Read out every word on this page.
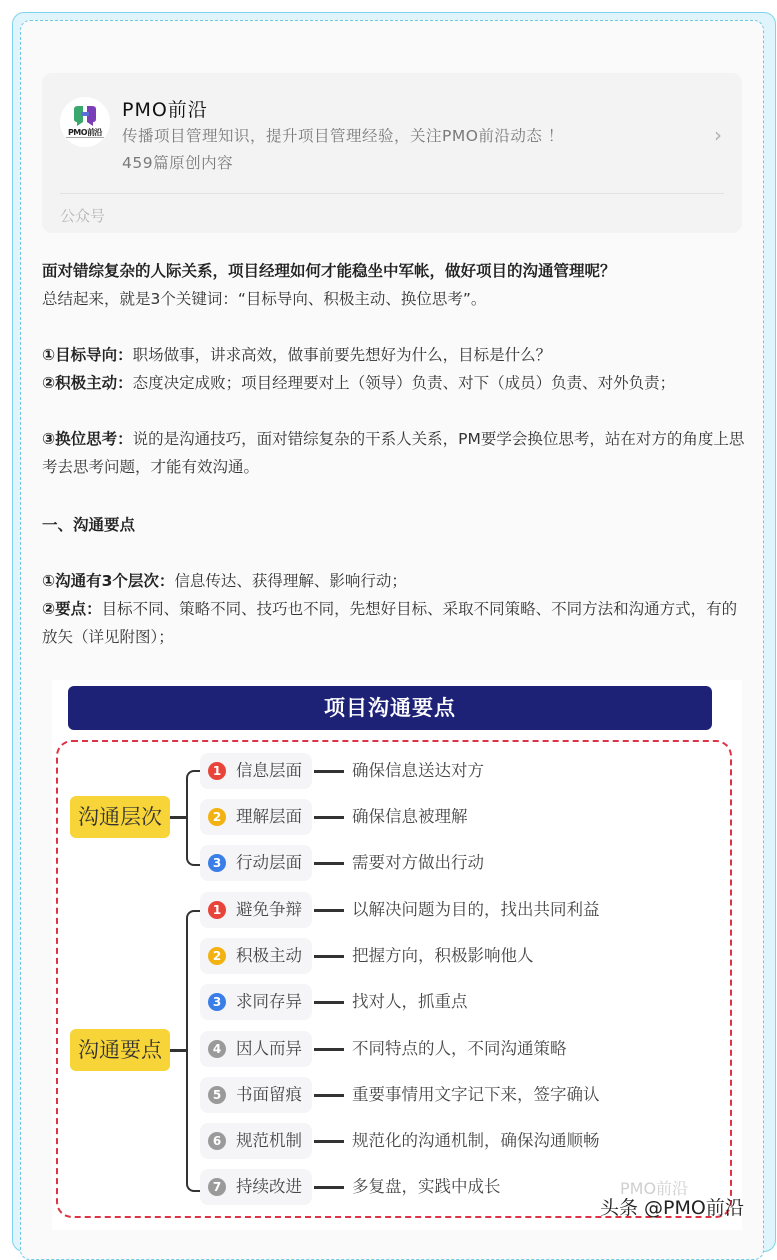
PMO前沿
PMO前沿
传播项目管理知识，提升项目管理经验，关注PMO前沿动态 ！
459篇原创内容
›
公众号
面对错综复杂的人际关系，项目经理如何才能稳坐中军帐，做好项目的沟通管理呢？
总结起来，就是3个关键词：“目标导向、积极主动、换位思考”。
①目标导向：职场做事，讲求高效，做事前要先想好为什么，目标是什么？
②积极主动：态度决定成败；项目经理要对上（领导）负责、对下（成员）负责、对外负责；
③换位思考：说的是沟通技巧，面对错综复杂的干系人关系，PM要学会换位思考，站在对方的角度上思考去思考问题，才能有效沟通。
一、沟通要点
①沟通有3个层次：信息传达、获得理解、影响行动；
②要点：目标不同、策略不同、技巧也不同，先想好目标、采取不同策略、不同方法和沟通方式，有的放矢（详见附图）；
项目沟通要点
沟通层次
1 信息层面	确保信息送达对方
2 理解层面	确保信息被理解
3 行动层面	需要对方做出行动
沟通要点
1 避免争辩	以解决问题为目的，找出共同利益
2 积极主动	把握方向，积极影响他人
3 求同存异	找对人，抓重点
4 因人而异	不同特点的人，不同沟通策略
5 书面留痕	重要事情用文字记下来，签字确认
6 规范机制	规范化的沟通机制，确保沟通顺畅
7 持续改进	多复盘，实践中成长	PMO前沿
头条 @PMO前沿
